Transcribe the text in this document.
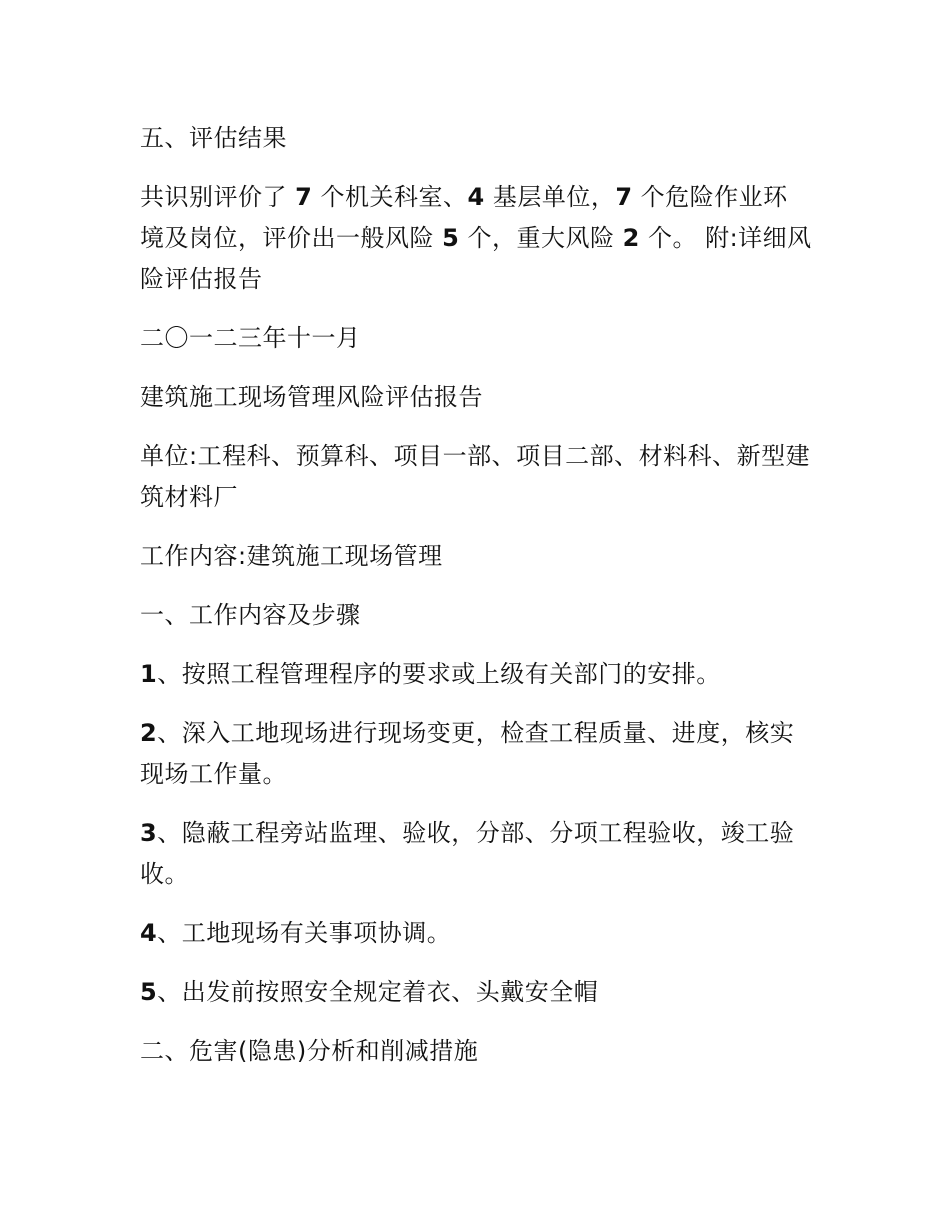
五、评估结果

共识别评价了 7 个机关科室、4 基层单位，7 个危险作业环境及岗位，评价出一般风险 5 个，重大风险 2 个。 附:详细风险评估报告

二〇一二三年十一月

建筑施工现场管理风险评估报告

单位:工程科、预算科、项目一部、项目二部、材料科、新型建筑材料厂

工作内容:建筑施工现场管理

一、工作内容及步骤

1、按照工程管理程序的要求或上级有关部门的安排。

2、深入工地现场进行现场变更，检查工程质量、进度，核实现场工作量。

3、隐蔽工程旁站监理、验收，分部、分项工程验收，竣工验收。

4、工地现场有关事项协调。

5、出发前按照安全规定着衣、头戴安全帽

二、危害(隐患)分析和削减措施
